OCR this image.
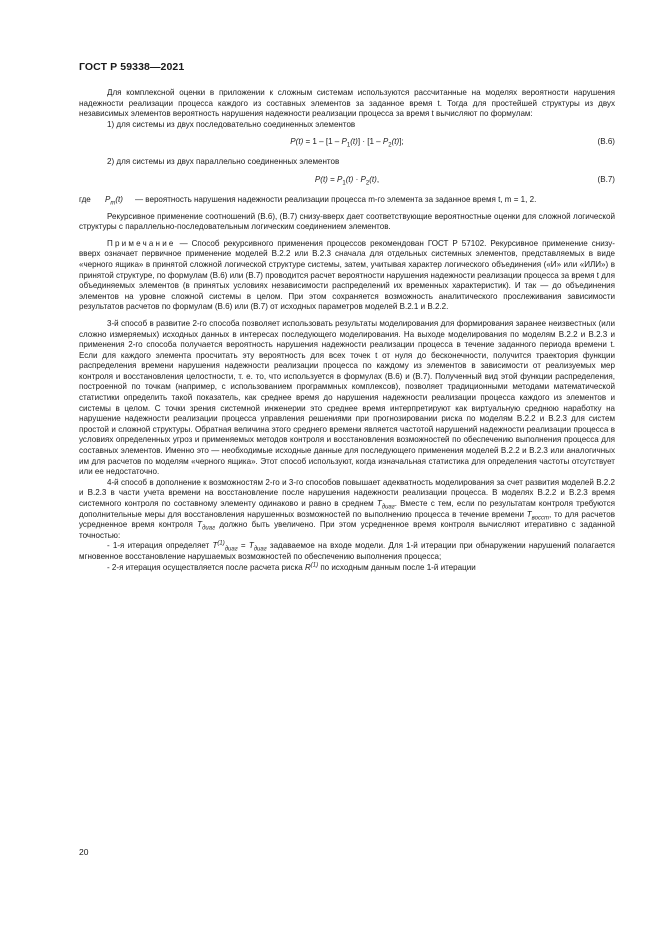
ГОСТ Р 59338—2021

Для комплексной оценки в приложении к сложным системам используются рассчитанные на моделях вероятности нарушения надежности реализации процесса каждого из составных элементов за заданное время t. Тогда для простейшей структуры из двух независимых элементов вероятность нарушения надежности реализации процесса за время t вычисляют по формулам:

1) для системы из двух последовательно соединенных элементов

$P(t) = 1 - [1 - P_1(t)] \cdot [1 - P_2(t)]$;	(В.6)

2) для системы из двух параллельно соединенных элементов

$P(t) = P_1(t) \cdot P_2(t)$,	(В.7)
где	$P_m(t)$	— вероятность нарушения надежности реализации процесса m-го элемента за заданное время t, m = 1, 2.

Рекурсивное применение соотношений (В.6), (В.7) снизу-вверх дает соответствующие вероятностные оценки для сложной логической структуры с параллельно-последовательным логическим соединением элементов.

Примечание — Способ рекурсивного применения процессов рекомендован ГОСТ Р 57102. Рекурсивное применение снизу-вверх означает первичное применение моделей В.2.2 или В.2.3 сначала для отдельных системных элементов, представляемых в виде «черного ящика» в принятой сложной логической структуре системы, затем, учитывая характер логического объединения («И» или «ИЛИ») в принятой структуре, по формулам (В.6) или (В.7) проводится расчет вероятности нарушения надежности реализации процесса за время t для объединяемых элементов (в принятых условиях независимости распределений их временных характеристик). И так — до объединения элементов на уровне сложной системы в целом. При этом сохраняется возможность аналитического прослеживания зависимости результатов расчетов по формулам (В.6) или (В.7) от исходных параметров моделей В.2.1 и В.2.2.

3-й способ в развитие 2-го способа позволяет использовать результаты моделирования для формирования заранее неизвестных (или сложно измеряемых) исходных данных в интересах последующего моделирования. На выходе моделирования по моделям В.2.2 и В.2.3 и применения 2-го способа получается вероятность нарушения надежности реализации процесса в течение заданного периода времени t. Если для каждого элемента просчитать эту вероятность для всех точек t от нуля до бесконечности, получится траектория функции распределения времени нарушения надежности реализации процесса по каждому из элементов в зависимости от реализуемых мер контроля и восстановления целостности, т. е. то, что используется в формулах (В.6) и (В.7). Полученный вид этой функции распределения, построенной по точкам (например, с использованием программных комплексов), позволяет традиционными методами математической статистики определить такой показатель, как среднее время до нарушения надежности реализации процесса каждого из элементов и системы в целом. С точки зрения системной инженерии это среднее время интерпретируют как виртуальную среднюю наработку на нарушение надежности реализации процесса управления решениями при прогнозировании риска по моделям В.2.2 и В.2.3 для систем простой и сложной структуры. Обратная величина этого среднего времени является частотой нарушений надежности реализации процесса в условиях определенных угроз и применяемых методов контроля и восстановления возможностей по обеспечению выполнения процесса для составных элементов. Именно это — необходимые исходные данные для последующего применения моделей В.2.2 и В.2.3 или аналогичных им для расчетов по моделям «черного ящика». Этот способ используют, когда изначальная статистика для определения частоты отсутствует или ее недостаточно.

4-й способ в дополнение к возможностям 2-го и 3-го способов повышает адекватность моделирования за счет развития моделей В.2.2 и В.2.3 в части учета времени на восстановление после нарушения надежности реализации процесса. В моделях В.2.2 и В.2.3 время системного контроля по составному элементу одинаково и равно в среднем $T_{диаг}$. Вместе с тем, если по результатам контроля требуются дополнительные меры для восстановления нарушенных возможностей по выполнению процесса в течение времени $T_{восст}$, то для расчетов усредненное время контроля $T_{диаг}$ должно быть увеличено. При этом усредненное время контроля вычисляют итеративно с заданной точностью:

- 1-я итерация определяет $T^{(1)}_{диаг} = T_{диаг}$ задаваемое на входе модели. Для 1-й итерации при обнаружении нарушений полагается мгновенное восстановление нарушаемых возможностей по обеспечению выполнения процесса;

- 2-я итерация осуществляется после расчета риска $R^{(1)}$ по исходным данным после 1-й итерации

20
